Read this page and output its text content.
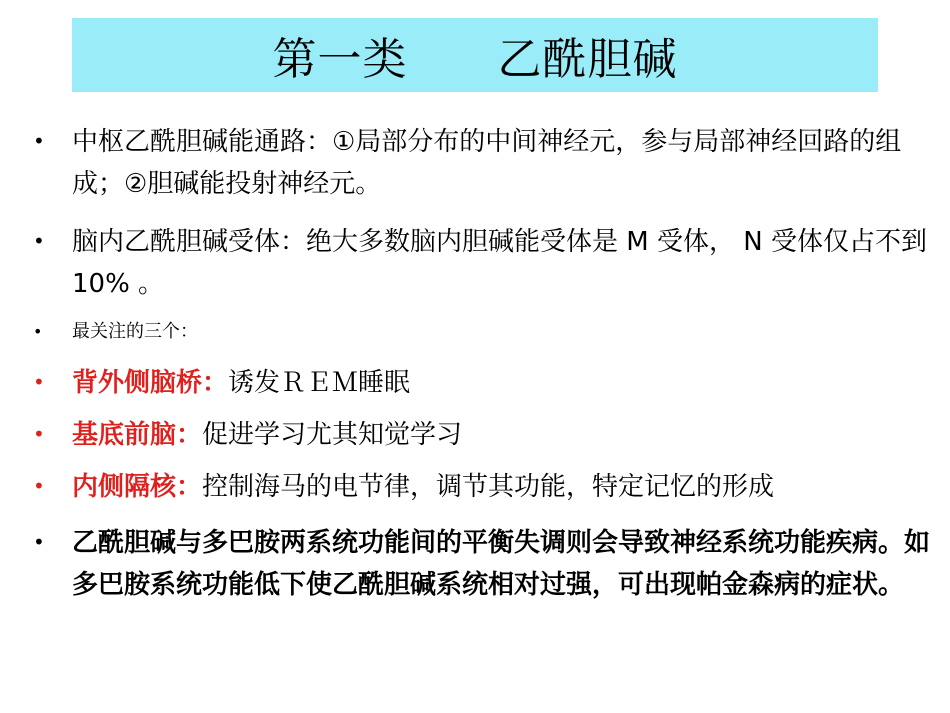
第一类      乙酰胆碱
• 中枢乙酰胆碱能通路：①局部分布的中间神经元，参与局部神经回路的组成；②胆碱能投射神经元。
• 脑内乙酰胆碱受体：绝大多数脑内胆碱能受体是 M 受体， N 受体仅占不到 10% 。
• 最关注的三个：
• 背外侧脑桥：诱发ＲＥＭ睡眠
• 基底前脑：促进学习尤其知觉学习
• 内侧隔核：控制海马的电节律，调节其功能，特定记忆的形成
• 乙酰胆碱与多巴胺两系统功能间的平衡失调则会导致神经系统功能疾病。如多巴胺系统功能低下使乙酰胆碱系统相对过强，可出现帕金森病的症状。
